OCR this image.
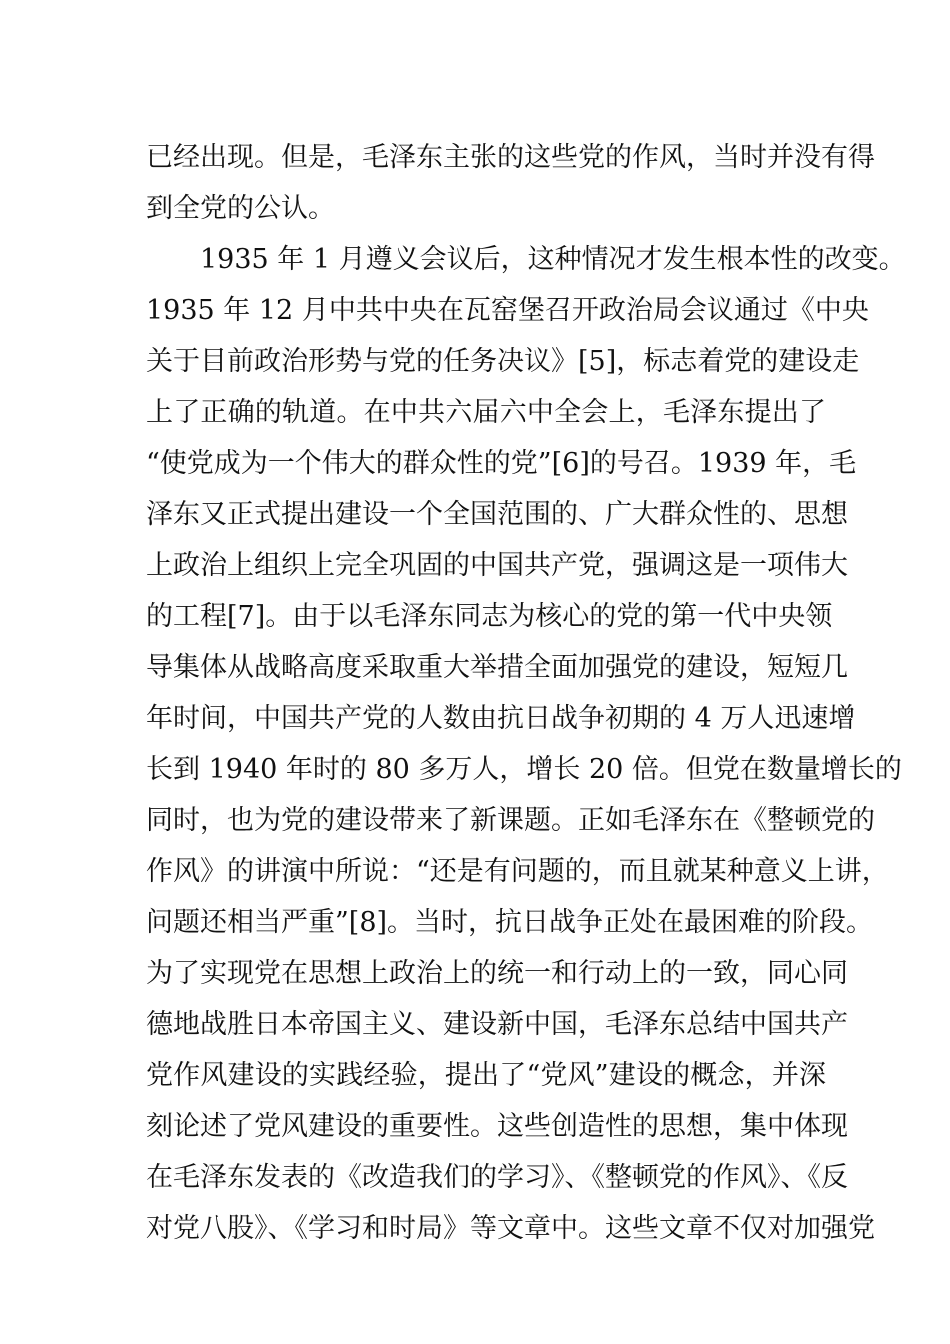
已经出现。但是，毛泽东主张的这些党的作风，当时并没有得
到全党的公认。
1935 年 1 月遵义会议后，这种情况才发生根本性的改变。
1935 年 12 月中共中央在瓦窑堡召开政治局会议通过《中央
关于目前政治形势与党的任务决议》[5]，标志着党的建设走
上了正确的轨道。在中共六届六中全会上，毛泽东提出了
“使党成为一个伟大的群众性的党”[6]的号召。1939 年，毛
泽东又正式提出建设一个全国范围的、广大群众性的、思想
上政治上组织上完全巩固的中国共产党，强调这是一项伟大
的工程[7]。由于以毛泽东同志为核心的党的第一代中央领
导集体从战略高度采取重大举措全面加强党的建设，短短几
年时间，中国共产党的人数由抗日战争初期的 4 万人迅速增
长到 1940 年时的 80 多万人，增长 20 倍。但党在数量增长的
同时，也为党的建设带来了新课题。正如毛泽东在《整顿党的
作风》的讲演中所说：“还是有问题的，而且就某种意义上讲，
问题还相当严重”[8]。当时，抗日战争正处在最困难的阶段。
为了实现党在思想上政治上的统一和行动上的一致，同心同
德地战胜日本帝国主义、建设新中国，毛泽东总结中国共产
党作风建设的实践经验，提出了“党风”建设的概念，并深
刻论述了党风建设的重要性。这些创造性的思想，集中体现
在毛泽东发表的《改造我们的学习》、《整顿党的作风》、《反
对党八股》、《学习和时局》等文章中。这些文章不仅对加强党
